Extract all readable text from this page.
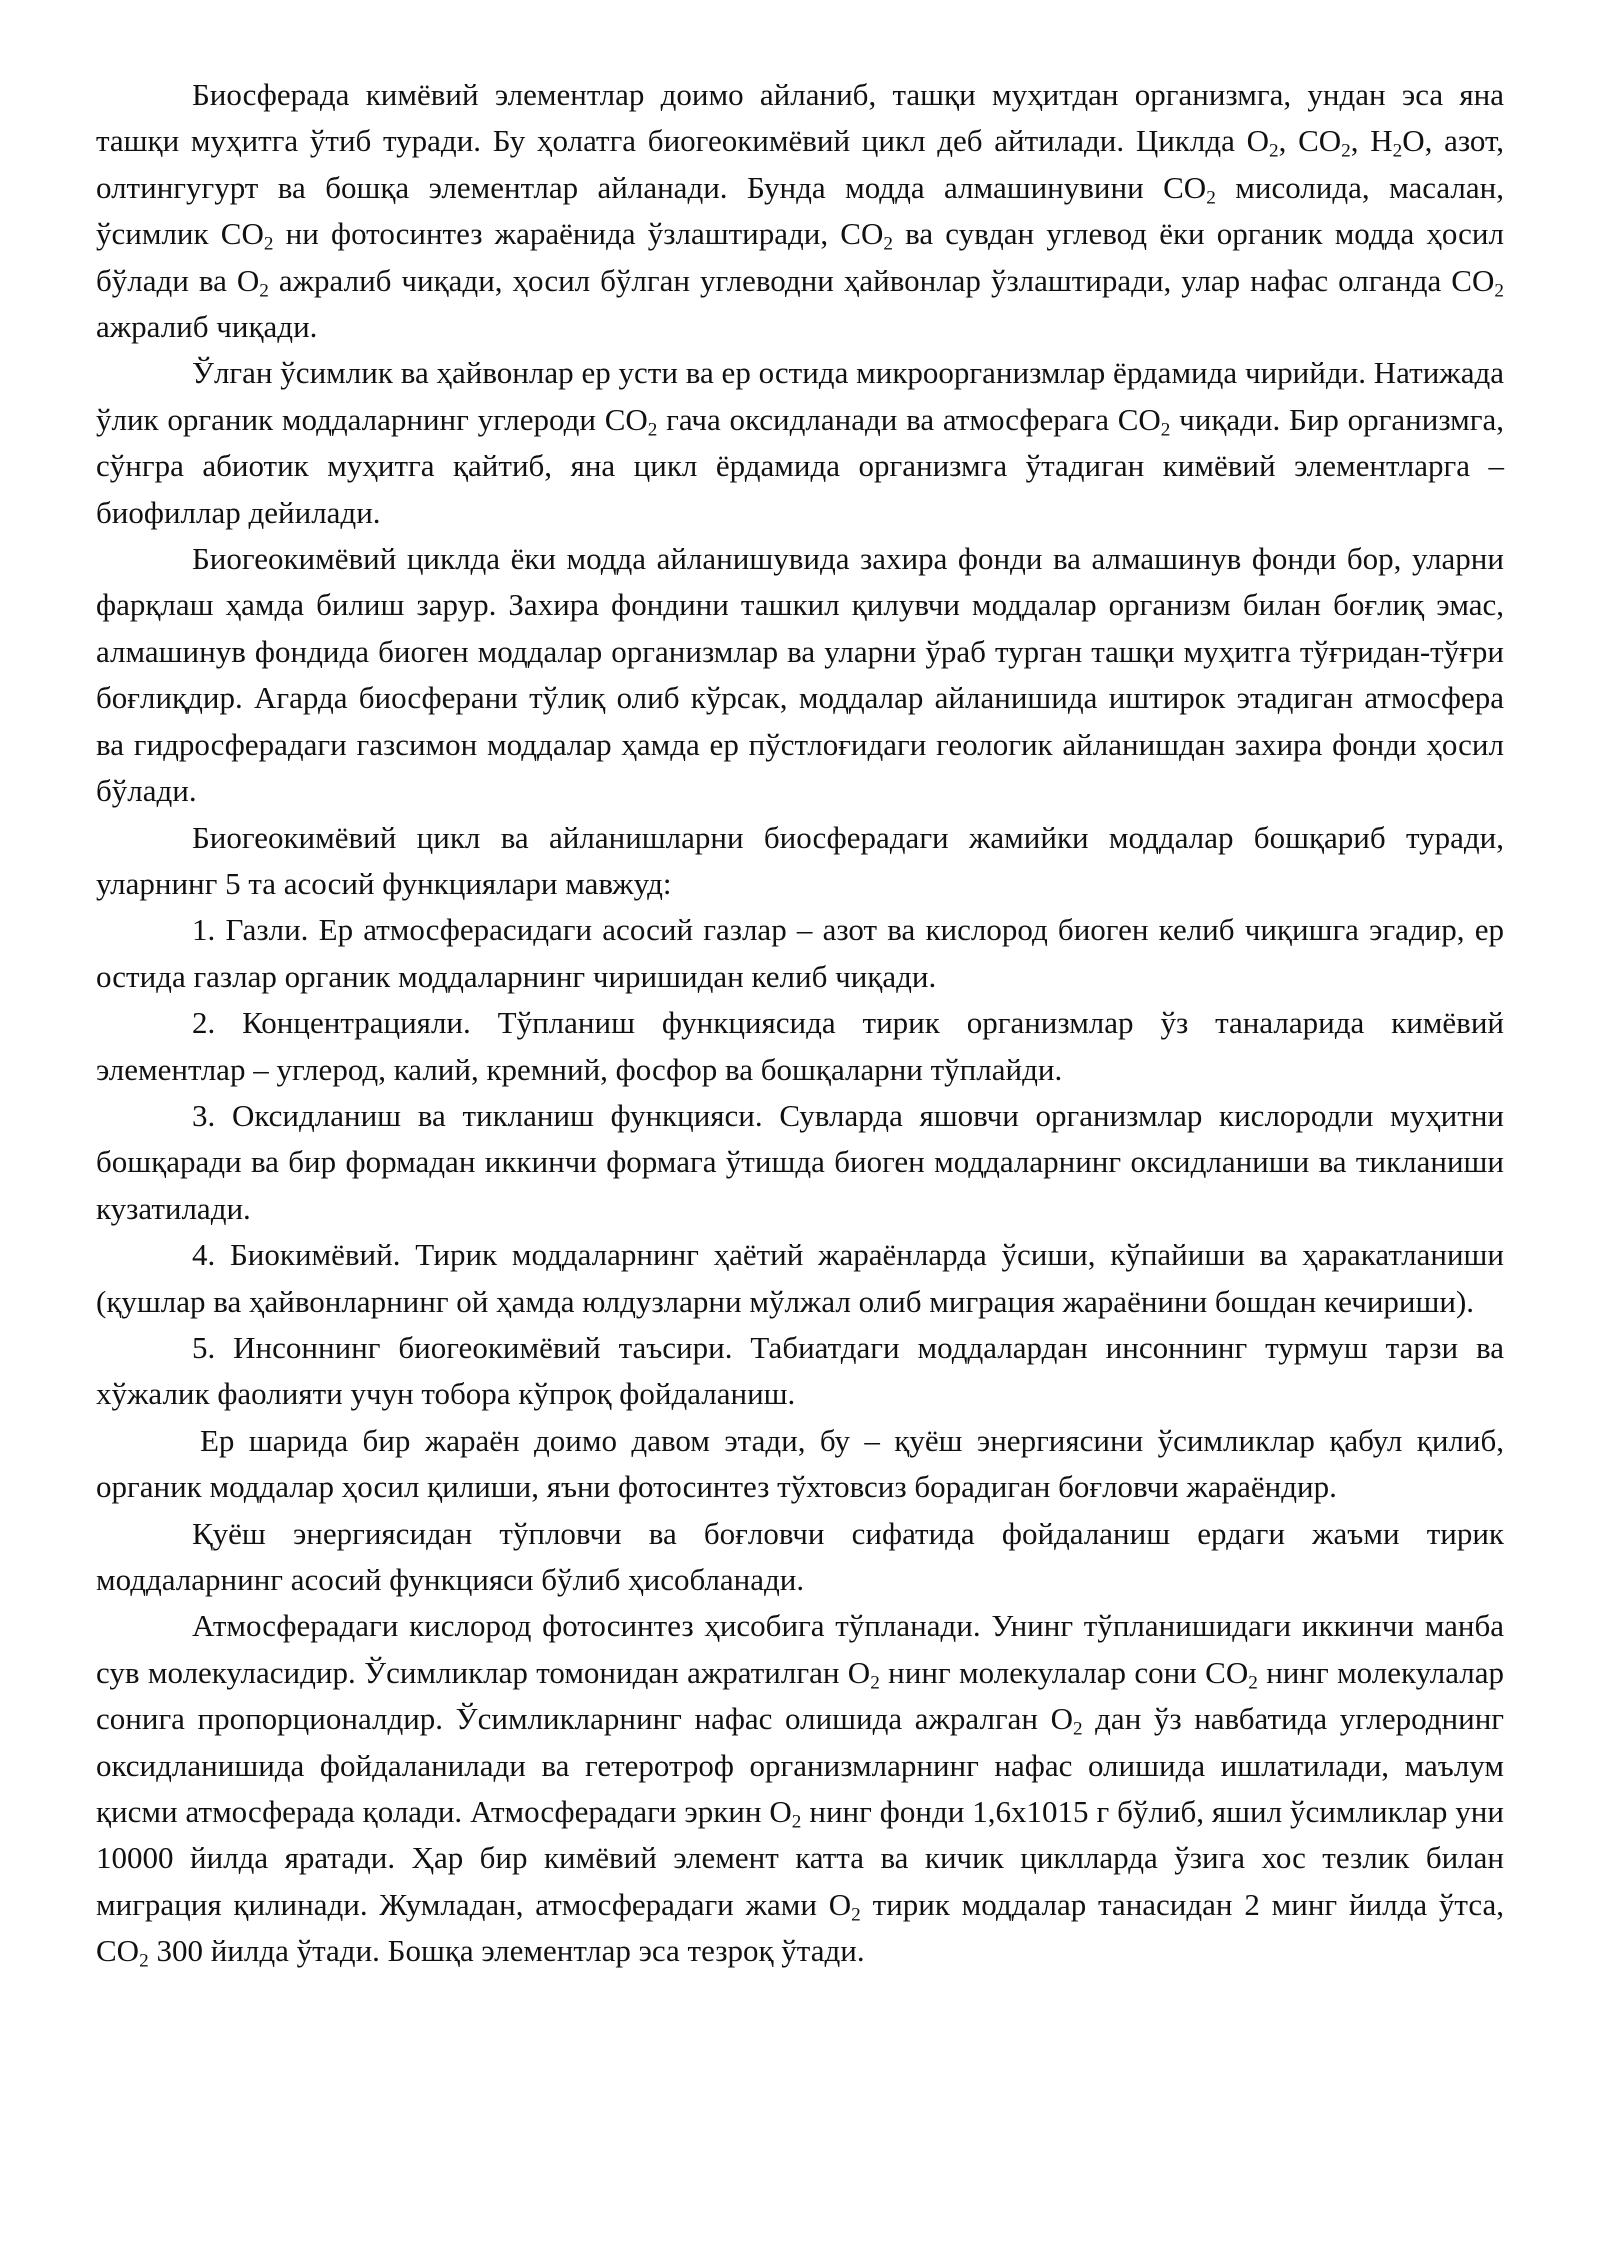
Биосферада кимёвий элементлар доимо айланиб, ташқи муҳитдан организмга, ундан эса яна ташқи муҳитга ўтиб туради. Бу ҳолатга биогеокимёвий цикл деб айтилади. Циклда $O_2$, $CO_2$, $H_2O$, азот, олтингугурт ва бошқа элементлар айланади. Бунда модда алмашинувини $CO_2$ мисолида, масалан, ўсимлик $CO_2$ ни фотосинтез жараёнида ўзлаштиради, $CO_2$ ва сувдан углевод ёки органик модда ҳосил бўлади ва $O_2$ ажралиб чиқади, ҳосил бўлган углеводни ҳайвонлар ўзлаштиради, улар нафас олганда $CO_2$ ажралиб чиқади.

Ўлган ўсимлик ва ҳайвонлар ер усти ва ер остида микроорганизмлар ёрдамида чирийди. Натижада ўлик органик моддаларнинг углероди $CO_2$ гача оксидланади ва атмосферага $CO_2$ чиқади. Бир организмга, сўнгра абиотик муҳитга қайтиб, яна цикл ёрдамида организмга ўтадиган кимёвий элементларга – биофиллар дейилади.

Биогеокимёвий циклда ёки модда айланишувида захира фонди ва алмашинув фонди бор, уларни фарқлаш ҳамда билиш зарур. Захира фондини ташкил қилувчи моддалар организм билан боғлиқ эмас, алмашинув фондида биоген моддалар организмлар ва уларни ўраб турган ташқи муҳитга тўғридан-тўғри боғлиқдир. Агарда биосферани тўлиқ олиб кўрсак, моддалар айланишида иштирок этадиган атмосфера ва гидросферадаги газсимон моддалар ҳамда ер пўстлоғидаги геологик айланишдан захира фонди ҳосил бўлади.

Биогеокимёвий цикл ва айланишларни биосферадаги жамийки моддалар бошқариб туради, уларнинг 5 та асосий функциялари мавжуд:

1. Газли. Ер атмосферасидаги асосий газлар – азот ва кислород биоген келиб чиқишга эгадир, ер остида газлар органик моддаларнинг чиришидан келиб чиқади.

2. Концентрацияли. Тўпланиш функциясида тирик организмлар ўз таналарида кимёвий элементлар – углерод, калий, кремний, фосфор ва бошқаларни тўплайди.

3. Оксидланиш ва тикланиш функцияси. Сувларда яшовчи организмлар кислородли муҳитни бошқаради ва бир формадан иккинчи формага ўтишда биоген моддаларнинг оксидланиши ва тикланиши кузатилади.

4. Биокимёвий. Тирик моддаларнинг ҳаётий жараёнларда ўсиши, кўпайиши ва ҳаракатланиши (қушлар ва ҳайвонларнинг ой ҳамда юлдузларни мўлжал олиб миграция жараёнини бошдан кечириши).

5. Инсоннинг биогеокимёвий таъсири. Табиатдаги моддалардан инсоннинг турмуш тарзи ва хўжалик фаолияти учун тобора кўпроқ фойдаланиш.

Ер шарида бир жараён доимо давом этади, бу – қуёш энергиясини ўсимликлар қабул қилиб, органик моддалар ҳосил қилиши, яъни фотосинтез тўхтовсиз борадиган боғловчи жараёндир.

Қуёш энергиясидан тўпловчи ва боғловчи сифатида фойдаланиш ердаги жаъми тирик моддаларнинг асосий функцияси бўлиб ҳисобланади.

Атмосферадаги кислород фотосинтез ҳисобига тўпланади. Унинг тўпланишидаги иккинчи манба сув молекуласидир. Ўсимликлар томонидан ажратилган $O_2$ нинг молекулалар сони $CO_2$ нинг молекулалар сонига пропорционалдир. Ўсимликларнинг нафас олишида ажралган $O_2$ дан ўз навбатида углероднинг оксидланишида фойдаланилади ва гетеротроф организмларнинг нафас олишида ишлатилади, маълум қисми атмосферада қолади. Атмосферадаги эркин $O_2$ нинг фонди 1,6х1015 г бўлиб, яшил ўсимликлар уни 10000 йилда яратади. Ҳар бир кимёвий элемент катта ва кичик циклларда ўзига хос тезлик билан миграция қилинади. Жумладан, атмосферадаги жами $O_2$ тирик моддалар танасидан 2 минг йилда ўтса, $CO_2$ 300 йилда ўтади. Бошқа элементлар эса тезроқ ўтади.
